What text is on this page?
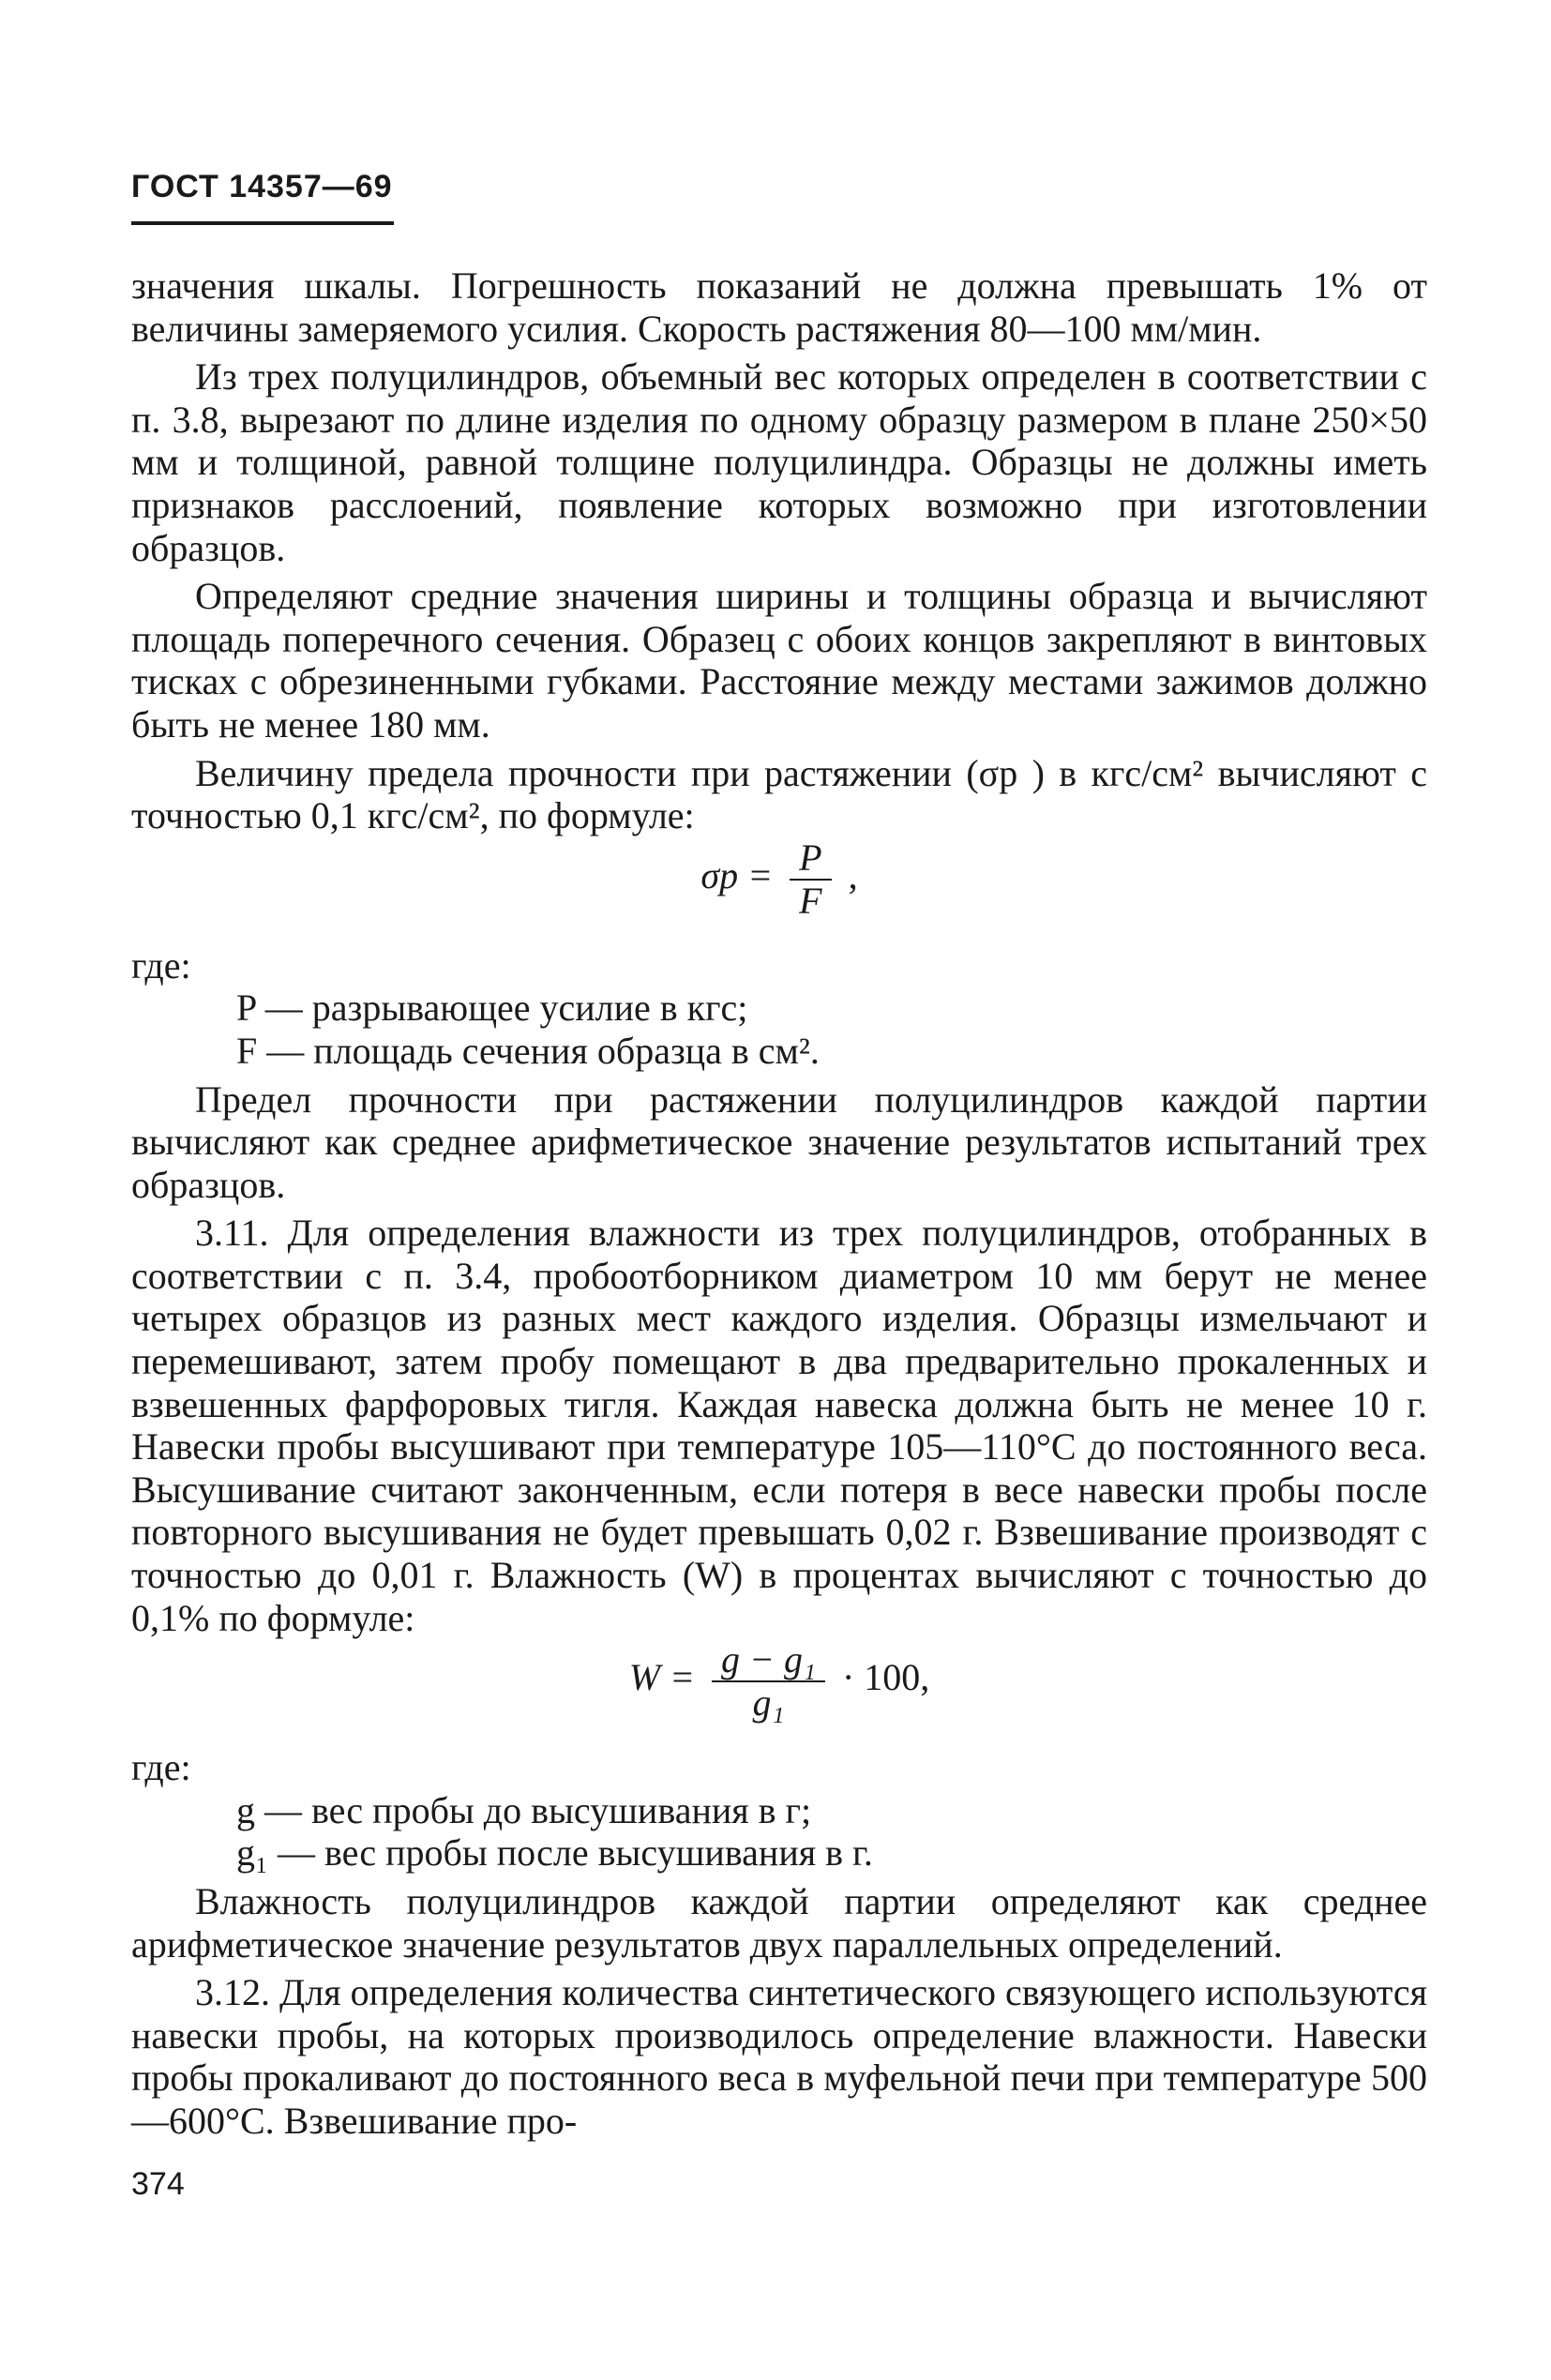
ГОСТ 14357—69

значения шкалы. Погрешность показаний не должна превышать 1% от величины замеряемого усилия. Скорость растяжения 80—100 мм/мин.

Из трех полуцилиндров, объемный вес которых определен в соответствии с п. 3.8, вырезают по длине изделия по одному образцу размером в плане 250×50 мм и толщиной, равной толщине полуцилиндра. Образцы не должны иметь признаков расслоений, появление которых возможно при изготовлении образцов.

Определяют средние значения ширины и толщины образца и вычисляют площадь поперечного сечения. Образец с обоих концов закрепляют в винтовых тисках с обрезиненными губками. Расстояние между местами зажимов должно быть не менее 180 мм.

Величину предела прочности при растяжении (σр ) в кгс/см² вычисляют с точностью 0,1 кгс/см², по формуле:

$\sigma р = \frac{P}{F}$ ,

где:

P — разрывающее усилие в кгс;

F — площадь сечения образца в см².

Предел прочности при растяжении полуцилиндров каждой партии вычисляют как среднее арифметическое значение результатов испытаний трех образцов.

3.11. Для определения влажности из трех полуцилиндров, отобранных в соответствии с п. 3.4, пробоотборником диаметром 10 мм берут не менее четырех образцов из разных мест каждого изделия. Образцы измельчают и перемешивают, затем пробу помещают в два предварительно прокаленных и взвешенных фарфоровых тигля. Каждая навеска должна быть не менее 10 г. Навески пробы высушивают при температуре 105—110°С до постоянного веса. Высушивание считают законченным, если потеря в весе навески пробы после повторного высушивания не будет превышать 0,02 г. Взвешивание производят с точностью до 0,01 г. Влажность (W) в процентах вычисляют с точностью до 0,1% по формуле:

$W = \frac{\text{g − g₁}}{\text{g₁}} \cdot 100$,

где:

g — вес пробы до высушивания в г;

g₁ — вес пробы после высушивания в г.

Влажность полуцилиндров каждой партии определяют как среднее арифметическое значение результатов двух параллельных определений.

3.12. Для определения количества синтетического связующего используются навески пробы, на которых производилось определение влажности. Навески пробы прокаливают до постоянного веса в муфельной печи при температуре 500—600°С. Взвешивание про-

374
